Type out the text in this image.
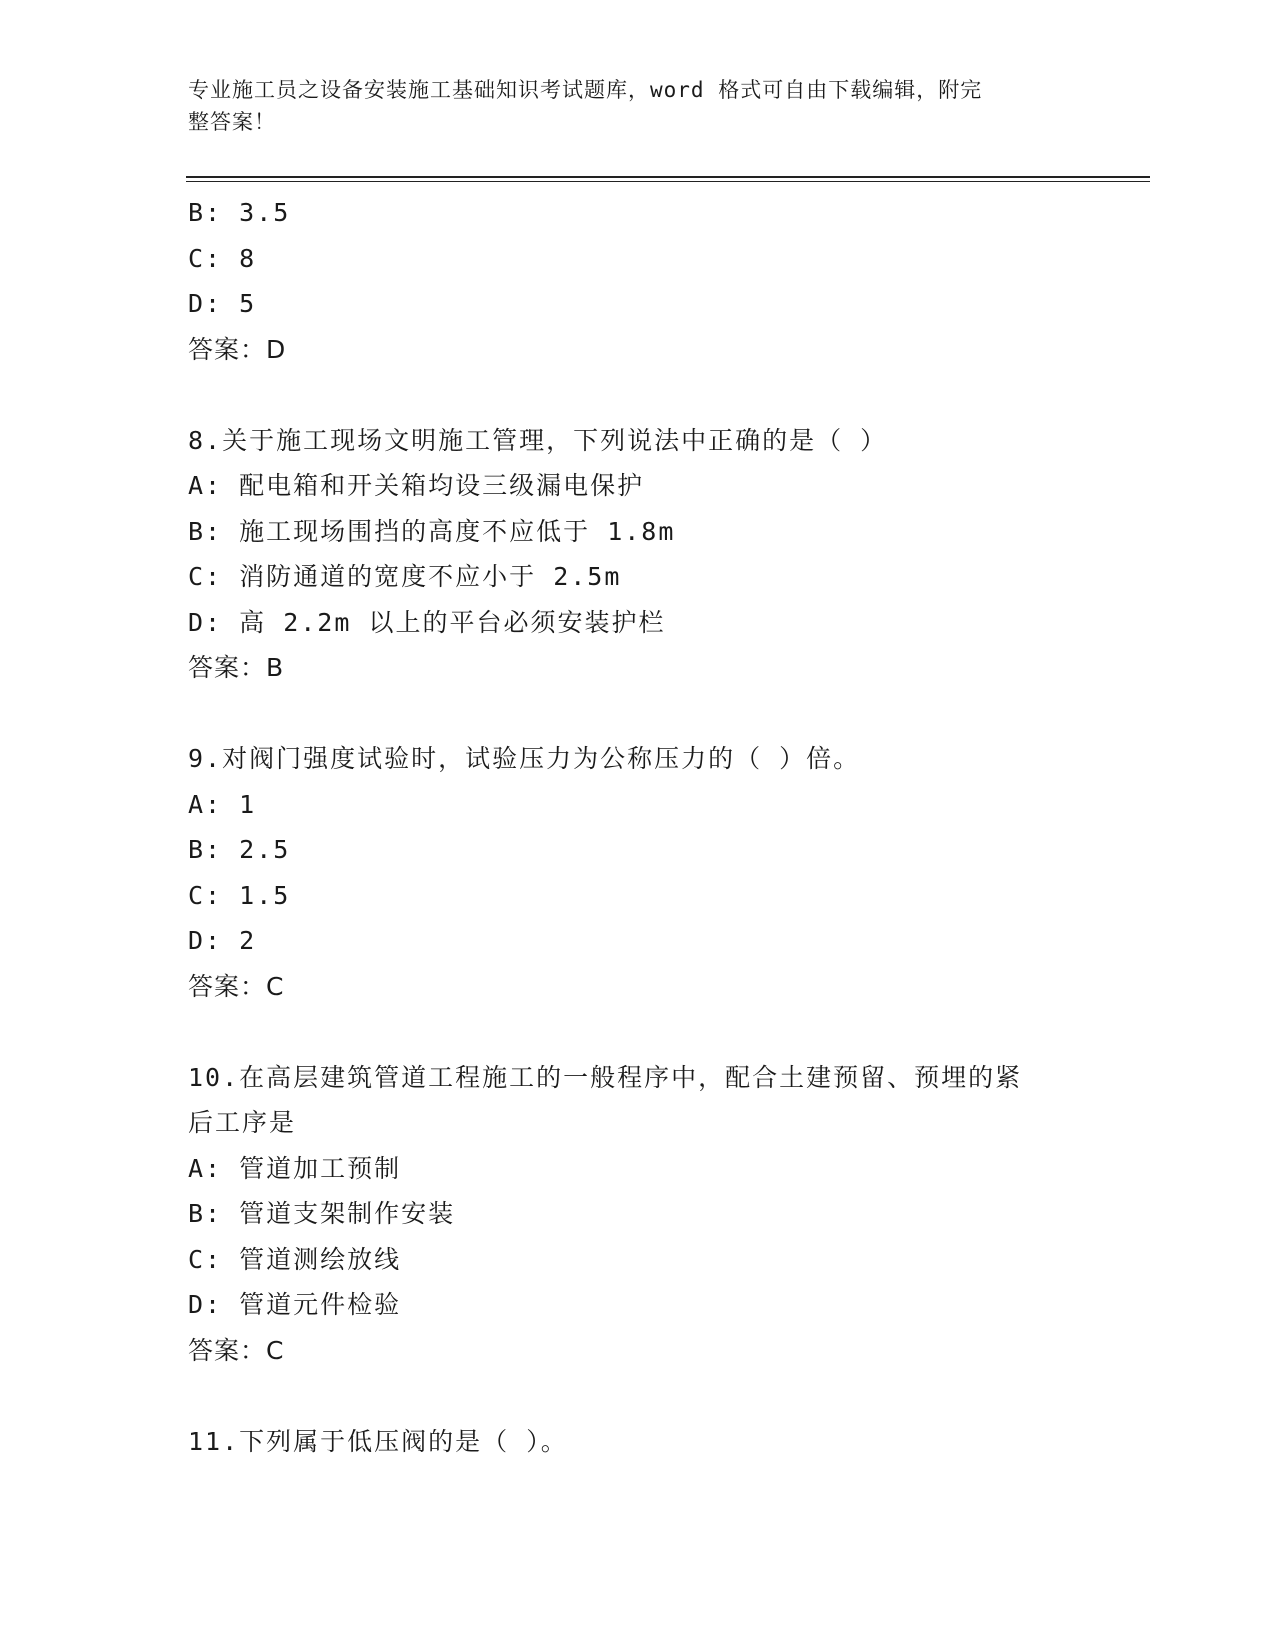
专业施工员之设备安装施工基础知识考试题库，word 格式可自由下载编辑，附完
整答案！
B: 3.5
C: 8
D: 5
答案：D
8.关于施工现场文明施工管理，下列说法中正确的是（ ）
A: 配电箱和开关箱均设三级漏电保护
B: 施工现场围挡的高度不应低于 1.8m
C: 消防通道的宽度不应小于 2.5m
D: 高 2.2m 以上的平台必须安装护栏
答案：B
9.对阀门强度试验时，试验压力为公称压力的（ ）倍。
A: 1
B: 2.5
C: 1.5
D: 2
答案：C
10.在高层建筑管道工程施工的一般程序中，配合土建预留、预埋的紧
后工序是
A: 管道加工预制
B: 管道支架制作安装
C: 管道测绘放线
D: 管道元件检验
答案：C
11.下列属于低压阀的是（ ）。
